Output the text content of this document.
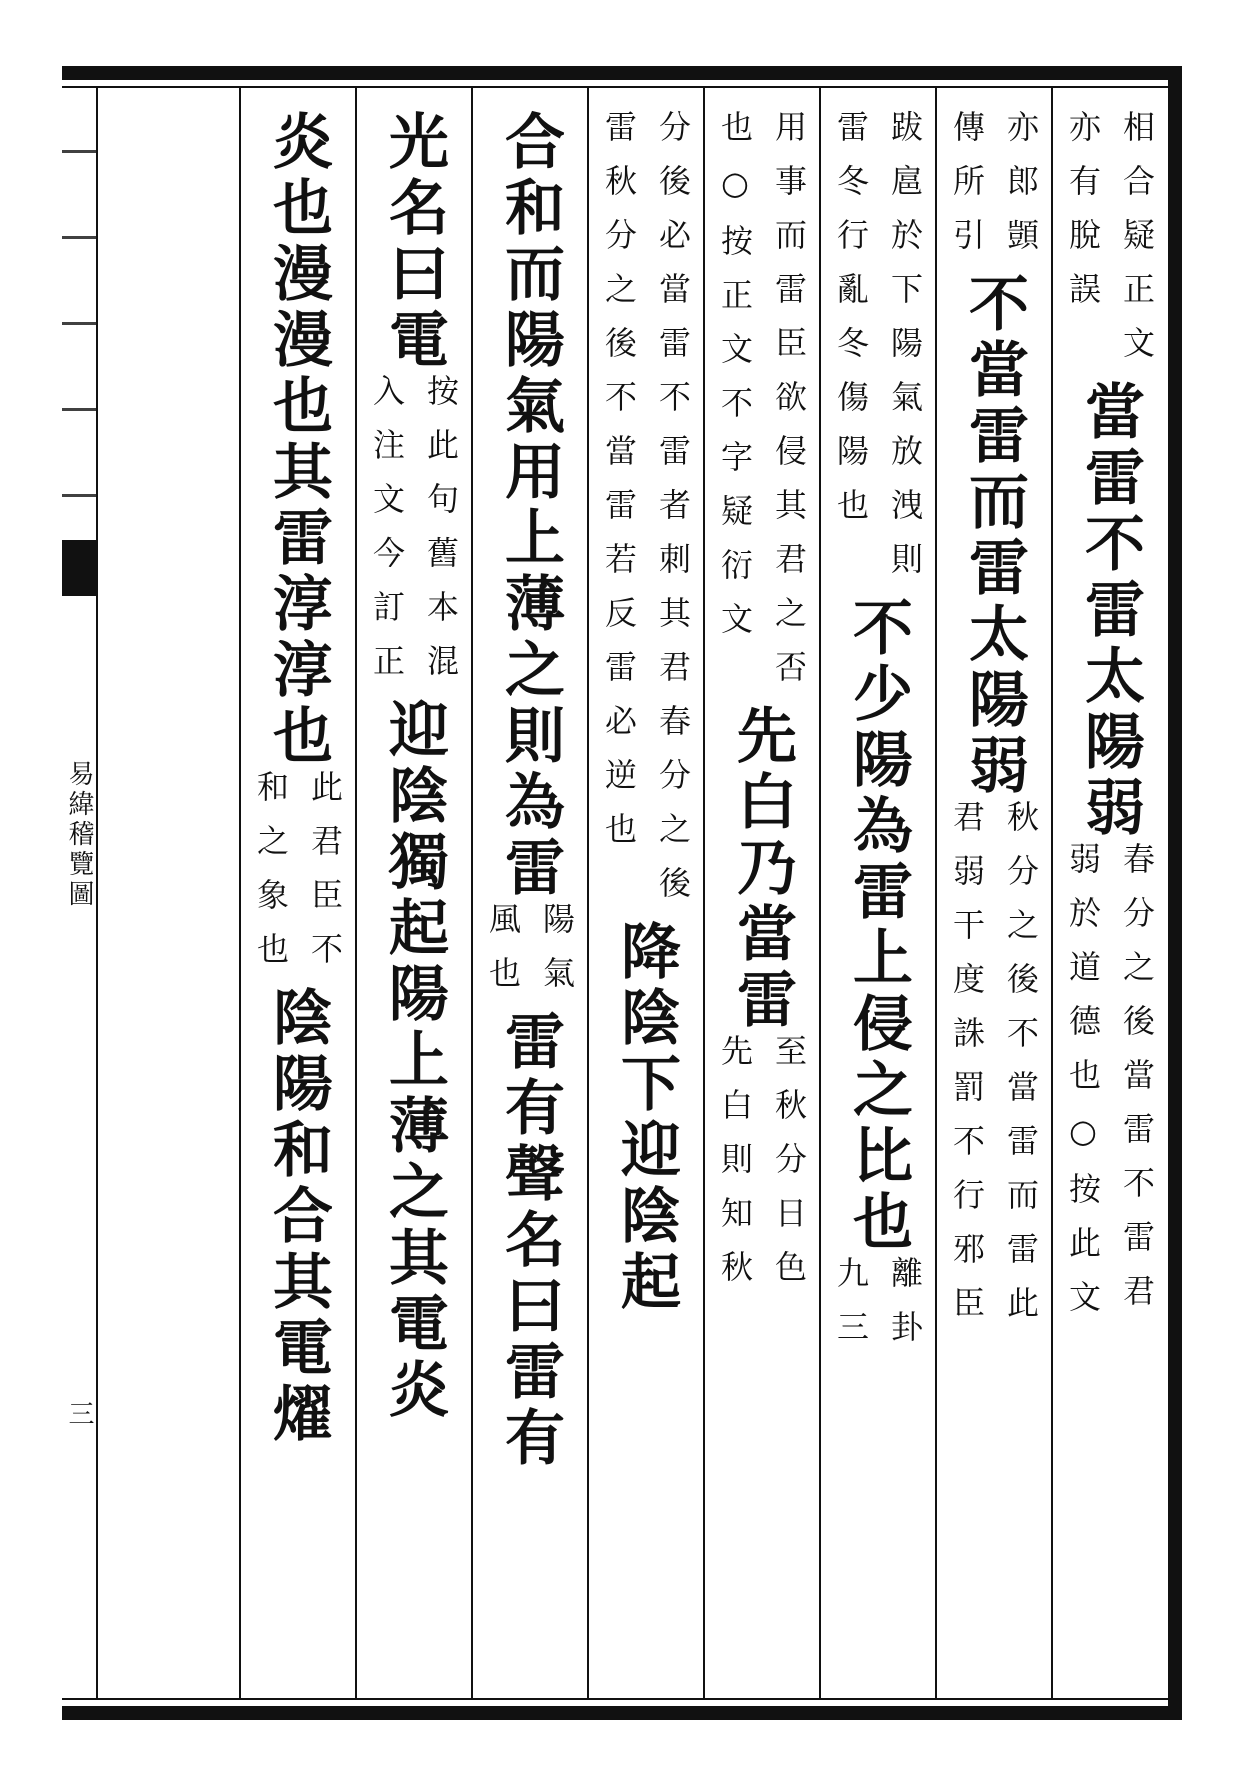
易緯稽覽圖
三
相合疑正文
亦有脫誤
當雷不雷太陽弱
春分之後當雷不雷君
弱於道德也○按此文
亦郎顗
傳所引
不當雷而雷太陽弱
秋分之後不當雷而雷此
君弱干度誅罰不行邪臣
跋扈於下陽氣放洩則
雷冬行亂冬傷陽也
不少陽為雷上侵之比也
離卦
九三
用事而雷臣欲侵其君之否
也○按正文不字疑衍文
先白乃當雷
至秋分日色
先白則知秋
分後必當雷不雷者刺其君春分之後
雷秋分之後不當雷若反雷必逆也
降陰下迎陰起
合和而陽氣用上薄之則為雷
陽氣
風也
雷有聲名曰雷有
光名曰電
按此句舊本混
入注文今訂正
迎陰獨起陽上薄之其電炎
炎也漫漫也其雷淳淳也
此君臣不
和之象也
陰陽和合其電燿
